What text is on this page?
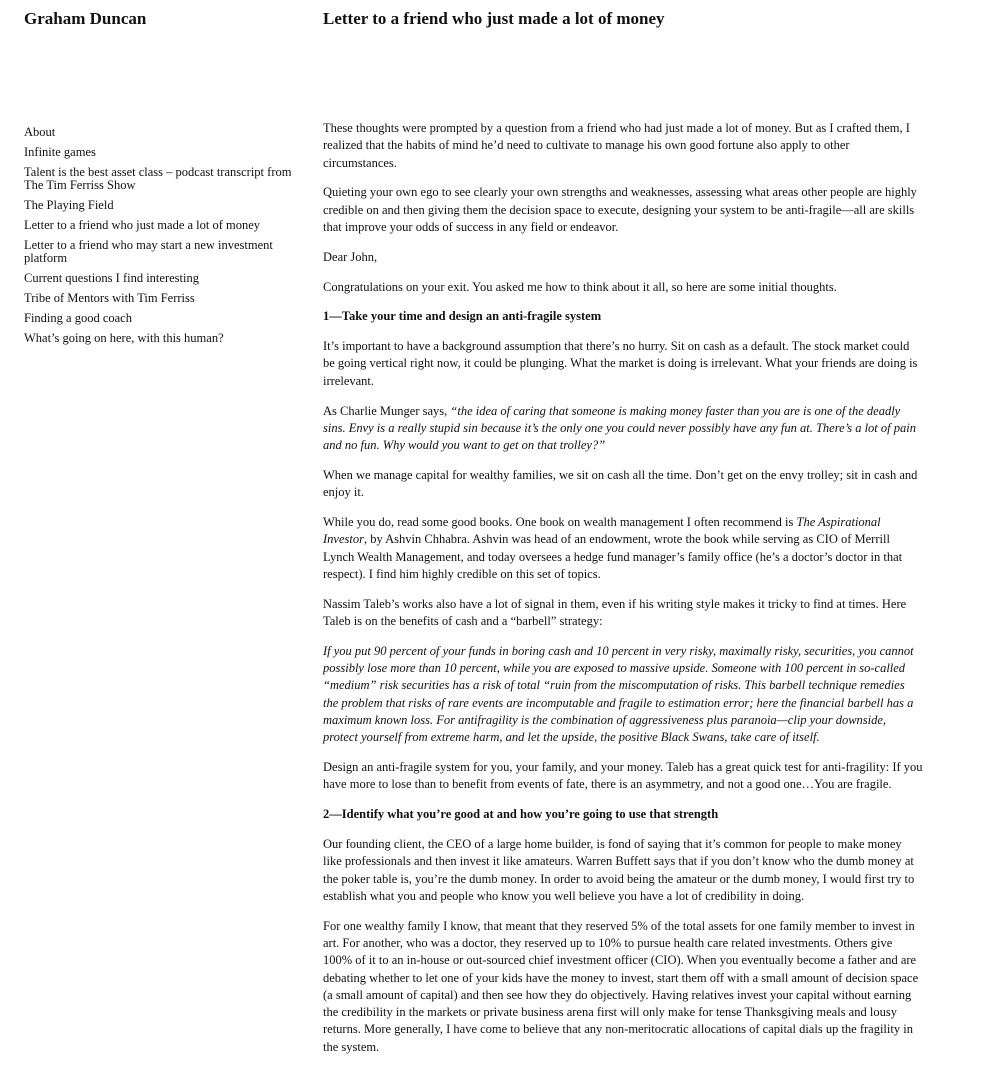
Graham Duncan	Letter to a friend who just made a lot of money
About
Infinite games
Talent is the best asset class – podcast transcript from The Tim Ferriss Show
The Playing Field
Letter to a friend who just made a lot of money
Letter to a friend who may start a new investment platform
Current questions I find interesting
Tribe of Mentors with Tim Ferriss
Finding a good coach
What’s going on here, with this human?

These thoughts were prompted by a question from a friend who had just made a lot of money. But as I crafted them, I realized that the habits of mind he’d need to cultivate to manage his own good fortune also apply to other circumstances.

Quieting your own ego to see clearly your own strengths and weaknesses, assessing what areas other people are highly credible on and then giving them the decision space to execute, designing your system to be anti-fragile—all are skills that improve your odds of success in any field or endeavor.

Dear John,

Congratulations on your exit. You asked me how to think about it all, so here are some initial thoughts.

1—Take your time and design an anti-fragile system

It’s important to have a background assumption that there’s no hurry. Sit on cash as a default. The stock market could be going vertical right now, it could be plunging. What the market is doing is irrelevant. What your friends are doing is irrelevant.

As Charlie Munger says, “the idea of caring that someone is making money faster than you are is one of the deadly sins. Envy is a really stupid sin because it’s the only one you could never possibly have any fun at. There’s a lot of pain and no fun. Why would you want to get on that trolley?”

When we manage capital for wealthy families, we sit on cash all the time. Don’t get on the envy trolley; sit in cash and enjoy it.

While you do, read some good books. One book on wealth management I often recommend is The Aspirational Investor, by Ashvin Chhabra. Ashvin was head of an endowment, wrote the book while serving as CIO of Merrill Lynch Wealth Management, and today oversees a hedge fund manager’s family office (he’s a doctor’s doctor in that respect). I find him highly credible on this set of topics.

Nassim Taleb’s works also have a lot of signal in them, even if his writing style makes it tricky to find at times. Here Taleb is on the benefits of cash and a “barbell” strategy:

If you put 90 percent of your funds in boring cash and 10 percent in very risky, maximally risky, securities, you cannot possibly lose more than 10 percent, while you are exposed to massive upside. Someone with 100 percent in so-called “medium” risk securities has a risk of total “ruin from the miscomputation of risks. This barbell technique remedies the problem that risks of rare events are incomputable and fragile to estimation error; here the financial barbell has a maximum known loss. For antifragility is the combination of aggressiveness plus paranoia—clip your downside, protect yourself from extreme harm, and let the upside, the positive Black Swans, take care of itself.

Design an anti-fragile system for you, your family, and your money. Taleb has a great quick test for anti-fragility: If you have more to lose than to benefit from events of fate, there is an asymmetry, and not a good one…You are fragile.

2—Identify what you’re good at and how you’re going to use that strength

Our founding client, the CEO of a large home builder, is fond of saying that it’s common for people to make money like professionals and then invest it like amateurs. Warren Buffett says that if you don’t know who the dumb money at the poker table is, you’re the dumb money. In order to avoid being the amateur or the dumb money, I would first try to establish what you and people who know you well believe you have a lot of credibility in doing.

For one wealthy family I know, that meant that they reserved 5% of the total assets for one family member to invest in art. For another, who was a doctor, they reserved up to 10% to pursue health care related investments. Others give 100% of it to an in-house or out-sourced chief investment officer (CIO). When you eventually become a father and are debating whether to let one of your kids have the money to invest, start them off with a small amount of decision space (a small amount of capital) and then see how they do objectively. Having relatives invest your capital without earning the credibility in the markets or private business arena first will only make for tense Thanksgiving meals and lousy returns. More generally, I have come to believe that any non-meritocratic allocations of capital dials up the fragility in the system.
